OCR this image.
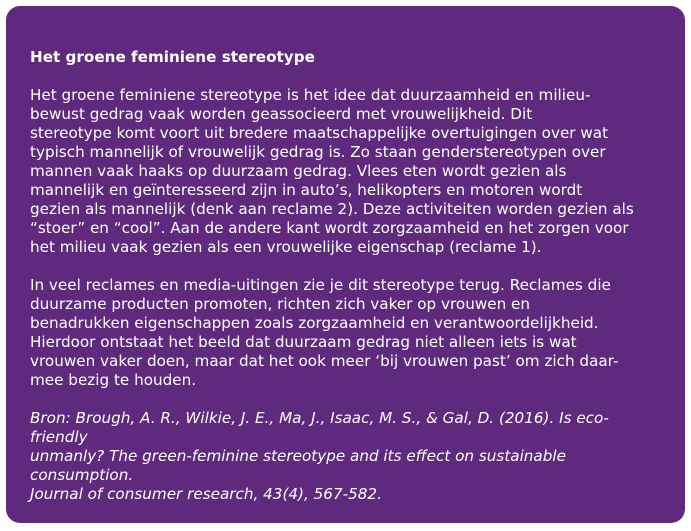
Het groene feminiene stereotype
Het groene feminiene stereotype is het idee dat duurzaamheid en milieu-
bewust gedrag vaak worden geassocieerd met vrouwelijkheid. Dit
stereotype komt voort uit bredere maatschappelijke overtuigingen over wat
typisch mannelijk of vrouwelijk gedrag is. Zo staan genderstereotypen over
mannen vaak haaks op duurzaam gedrag. Vlees eten wordt gezien als
mannelijk en geïnteresseerd zijn in auto’s, helikopters en motoren wordt
gezien als mannelijk (denk aan reclame 2). Deze activiteiten worden gezien als
“stoer” en “cool”. Aan de andere kant wordt zorgzaamheid en het zorgen voor
het milieu vaak gezien als een vrouwelijke eigenschap (reclame 1).
In veel reclames en media-uitingen zie je dit stereotype terug. Reclames die
duurzame producten promoten, richten zich vaker op vrouwen en
benadrukken eigenschappen zoals zorgzaamheid en verantwoordelijkheid.
Hierdoor ontstaat het beeld dat duurzaam gedrag niet alleen iets is wat
vrouwen vaker doen, maar dat het ook meer ‘bij vrouwen past’ om zich daar-
mee bezig te houden.
Bron: Brough, A. R., Wilkie, J. E., Ma, J., Isaac, M. S., & Gal, D. (2016). Is eco-friendly
unmanly? The green-feminine stereotype and its effect on sustainable consumption.
Journal of consumer research, 43(4), 567-582.
